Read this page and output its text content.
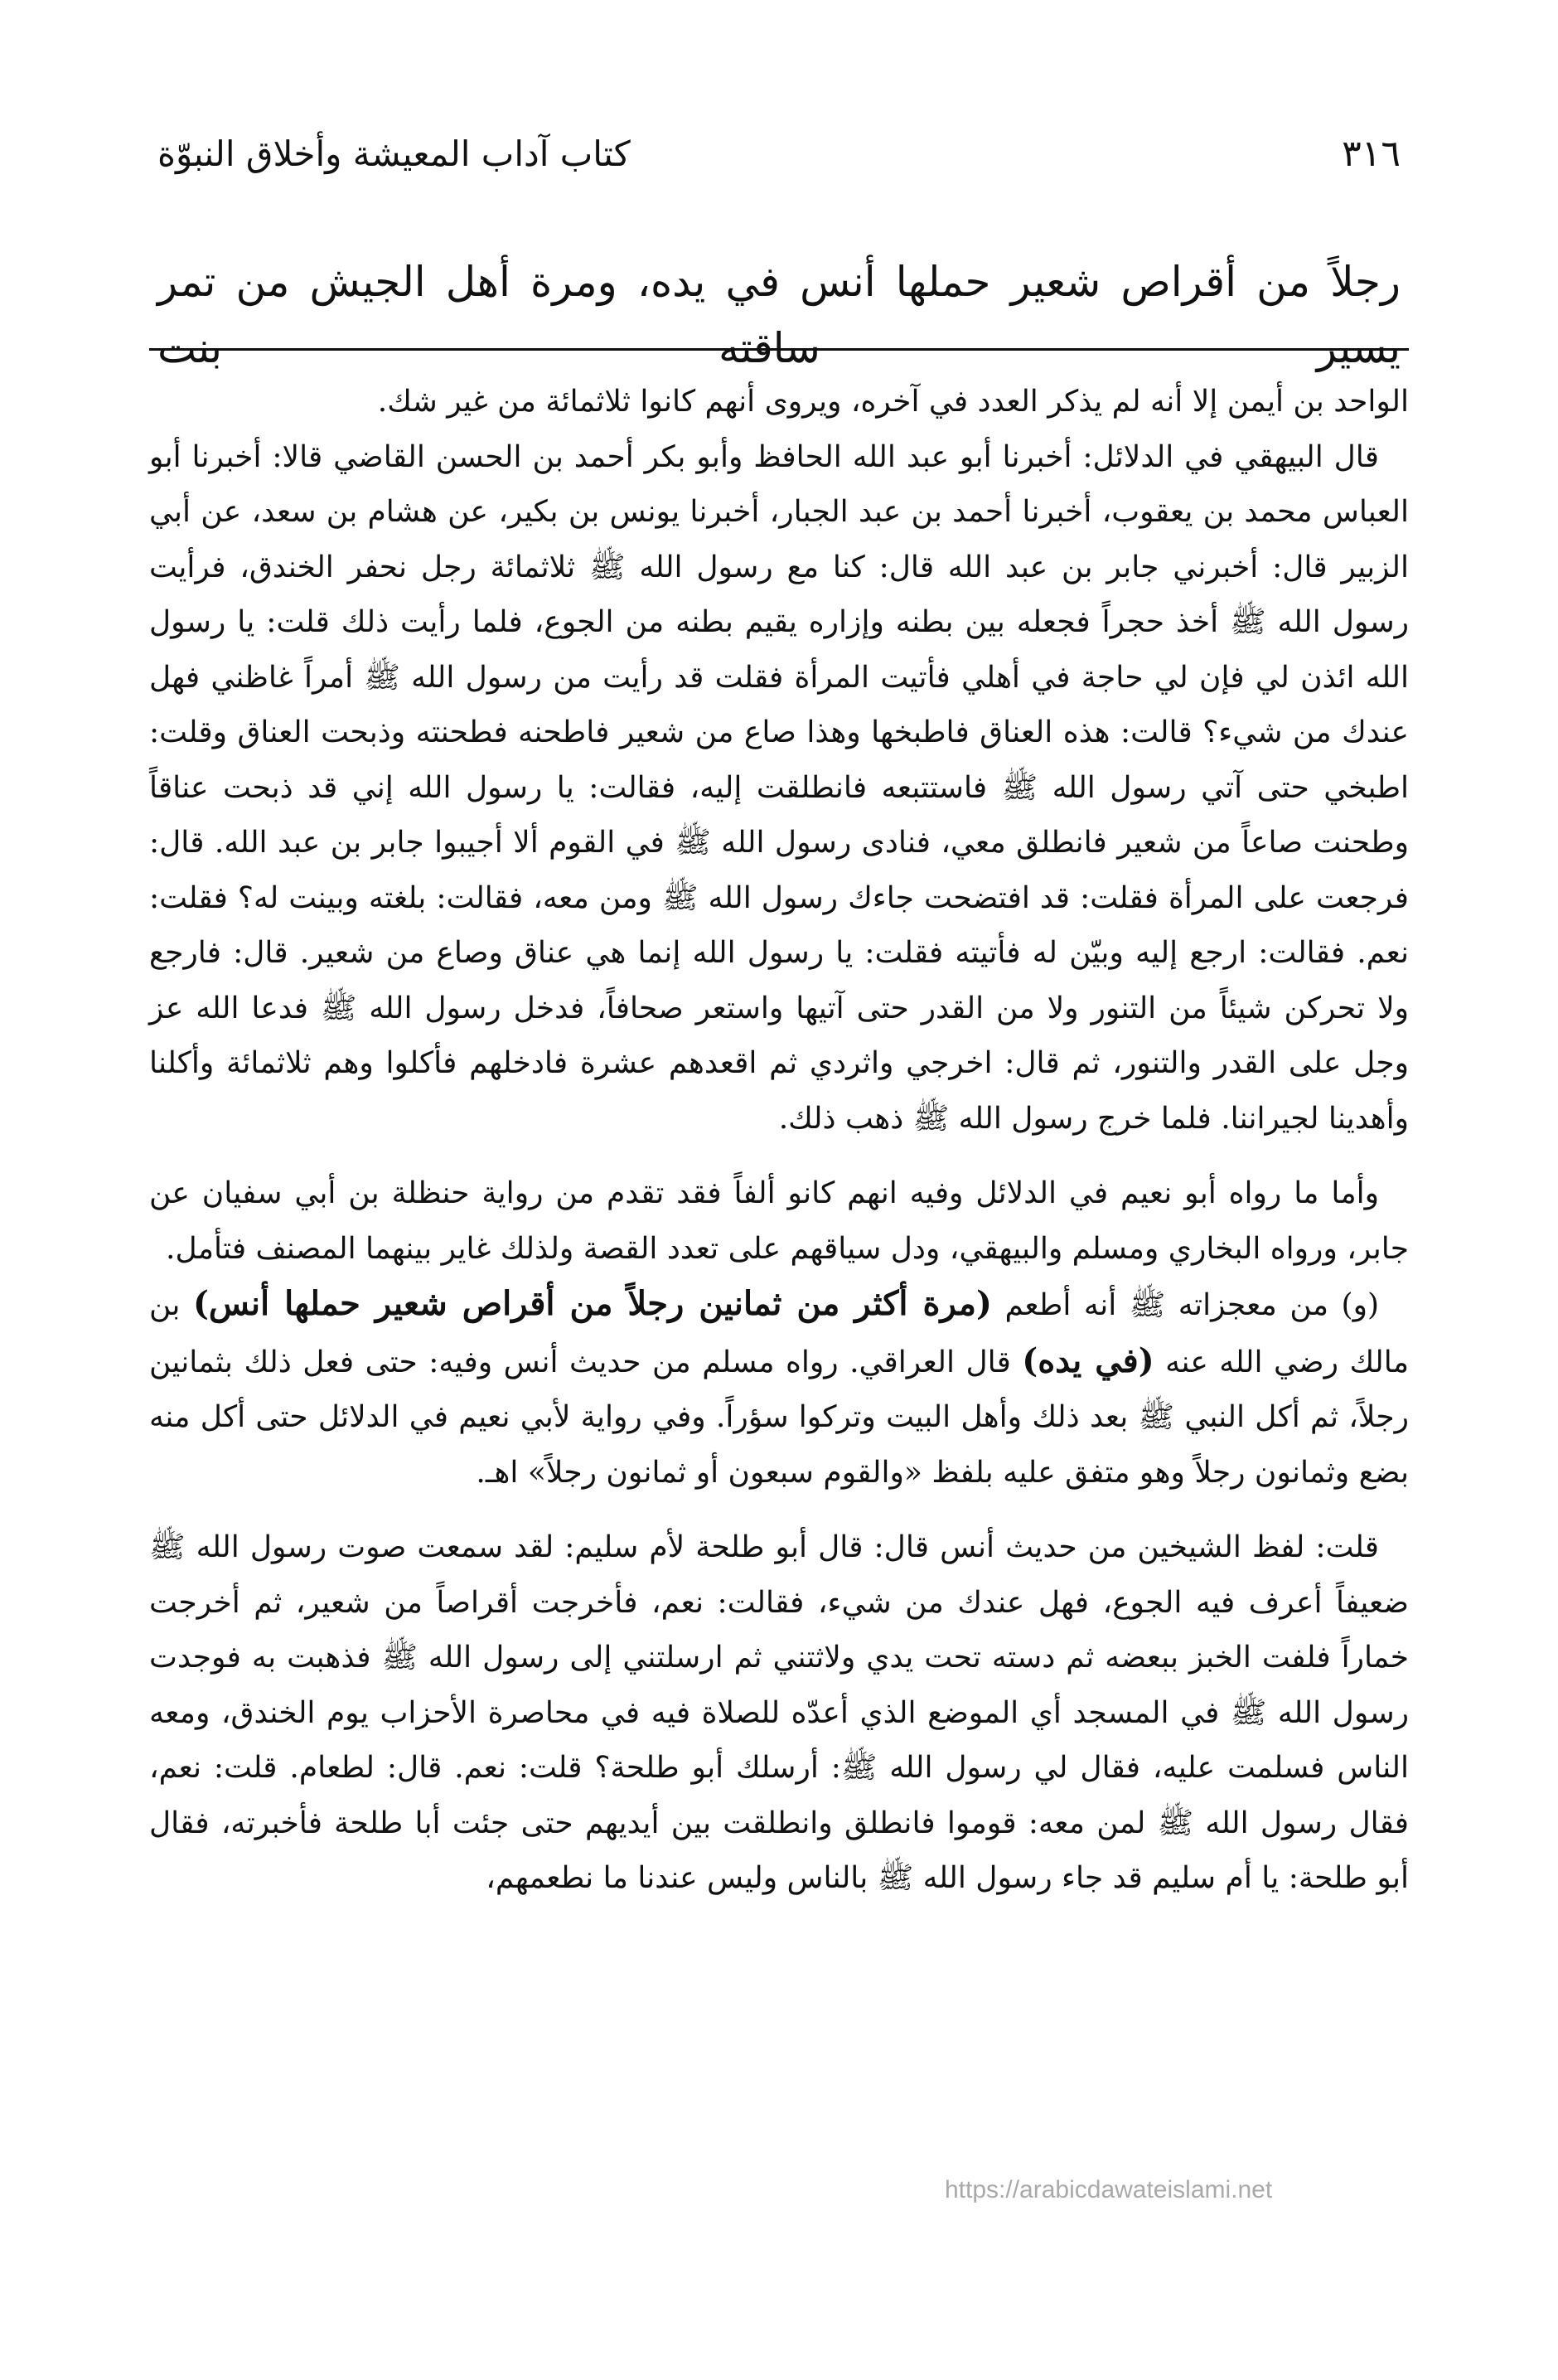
٣١٦
كتاب آداب المعيشة وأخلاق النبوّة
رجلاً من أقراص شعير حملها أنس في يده، ومرة أهل الجيش من تمر يسير ساقته بنت

الواحد بن أيمن إلا أنه لم يذكر العدد في آخره، ويروى أنهم كانوا ثلاثمائة من غير شك.

قال البيهقي في الدلائل: أخبرنا أبو عبد الله الحافظ وأبو بكر أحمد بن الحسن القاضي قالا: أخبرنا أبو العباس محمد بن يعقوب، أخبرنا أحمد بن عبد الجبار، أخبرنا يونس بن بكير، عن هشام بن سعد، عن أبي الزبير قال: أخبرني جابر بن عبد الله قال: كنا مع رسول الله ﷺ ثلاثمائة رجل نحفر الخندق، فرأيت رسول الله ﷺ أخذ حجراً فجعله بين بطنه وإزاره يقيم بطنه من الجوع، فلما رأيت ذلك قلت: يا رسول الله ائذن لي فإن لي حاجة في أهلي فأتيت المرأة فقلت قد رأيت من رسول الله ﷺ أمراً غاظني فهل عندك من شيء؟ قالت: هذه العناق فاطبخها وهذا صاع من شعير فاطحنه فطحنته وذبحت العناق وقلت: اطبخي حتى آتي رسول الله ﷺ فاستتبعه فانطلقت إليه، فقالت: يا رسول الله إني قد ذبحت عناقاً وطحنت صاعاً من شعير فانطلق معي، فنادى رسول الله ﷺ في القوم ألا أجيبوا جابر بن عبد الله. قال: فرجعت على المرأة فقلت: قد افتضحت جاءك رسول الله ﷺ ومن معه، فقالت: بلغته وبينت له؟ فقلت: نعم. فقالت: ارجع إليه وبيّن له فأتيته فقلت: يا رسول الله إنما هي عناق وصاع من شعير. قال: فارجع ولا تحركن شيئاً من التنور ولا من القدر حتى آتيها واستعر صحافاً، فدخل رسول الله ﷺ فدعا الله عز وجل على القدر والتنور، ثم قال: اخرجي واثردي ثم اقعدهم عشرة فادخلهم فأكلوا وهم ثلاثمائة وأكلنا وأهدينا لجيراننا. فلما خرج رسول الله ﷺ ذهب ذلك.

وأما ما رواه أبو نعيم في الدلائل وفيه انهم كانو ألفاً فقد تقدم من رواية حنظلة بن أبي سفيان عن جابر، ورواه البخاري ومسلم والبيهقي، ودل سياقهم على تعدد القصة ولذلك غاير بينهما المصنف فتأمل.

(و) من معجزاته ﷺ أنه أطعم (مرة أكثر من ثمانين رجلاً من أقراص شعير حملها أنس) بن مالك رضي الله عنه (في يده) قال العراقي. رواه مسلم من حديث أنس وفيه: حتى فعل ذلك بثمانين رجلاً، ثم أكل النبي ﷺ بعد ذلك وأهل البيت وتركوا سؤراً. وفي رواية لأبي نعيم في الدلائل حتى أكل منه بضع وثمانون رجلاً وهو متفق عليه بلفظ «والقوم سبعون أو ثمانون رجلاً» اهـ.

قلت: لفظ الشيخين من حديث أنس قال: قال أبو طلحة لأم سليم: لقد سمعت صوت رسول الله ﷺ ضعيفاً أعرف فيه الجوع، فهل عندك من شيء، فقالت: نعم، فأخرجت أقراصاً من شعير، ثم أخرجت خماراً فلفت الخبز ببعضه ثم دسته تحت يدي ولاثتني ثم ارسلتني إلى رسول الله ﷺ فذهبت به فوجدت رسول الله ﷺ في المسجد أي الموضع الذي أعدّه للصلاة فيه في محاصرة الأحزاب يوم الخندق، ومعه الناس فسلمت عليه، فقال لي رسول الله ﷺ: أرسلك أبو طلحة؟ قلت: نعم. قال: لطعام. قلت: نعم، فقال رسول الله ﷺ لمن معه: قوموا فانطلق وانطلقت بين أيديهم حتى جئت أبا طلحة فأخبرته، فقال أبو طلحة: يا أم سليم قد جاء رسول الله ﷺ بالناس وليس عندنا ما نطعمهم،

https://arabicdawateislami.net
